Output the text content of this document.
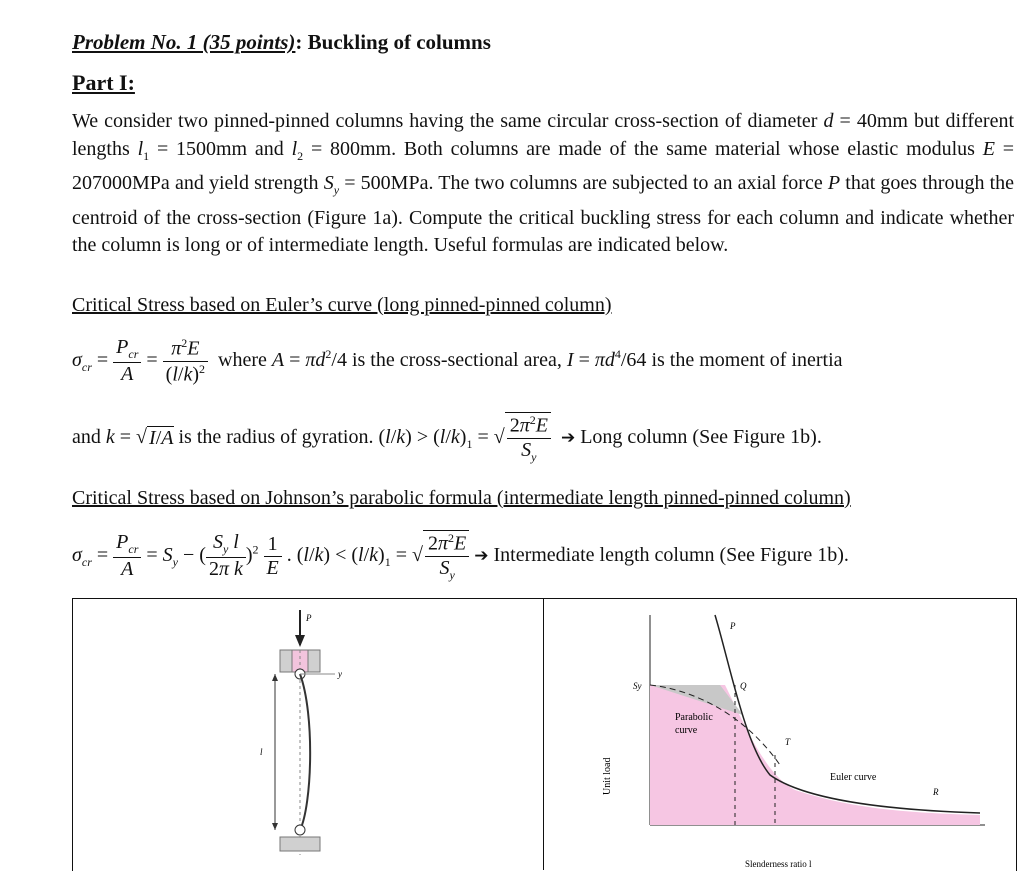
Problem No. 1 (35 points): Buckling of columns
Part I:
We consider two pinned-pinned columns having the same circular cross-section of diameter d = 40mm but different lengths $l_1 = 1500mm$ and $l_2 = 800mm$. Both columns are made of the same material whose elastic modulus E = 207000MPa and yield strength $S_y = 500MPa$. The two columns are subjected to an axial force P that goes through the centroid of the cross-section (Figure 1a). Compute the critical buckling stress for each column and indicate whether the column is long or of intermediate length. Useful formulas are indicated below.
Critical Stress based on Euler’s curve (long pinned-pinned column)
$\sigma_{cr} = \frac{P_{cr}}{A} = \frac{\pi^2E}{(l/k)^2}$ where $A = \pi d^2/4$ is the cross-sectional area, $I = \pi d^4/64$ is the moment of inertia
and k = √ I/A is the radius of gyration. $(l/k) > (l/k)_1$ = √ $\frac{2\pi^2E}{S_y}$ ➔ Long column (See Figure 1b).
Critical Stress based on Johnson’s parabolic formula (intermediate length pinned-pinned column)
$\sigma_{cr} = \frac{P_{cr}}{A} = S_y$ − ( $\frac{S_y l}{\text{2π k}} )^2 \frac{1}{E}$ . $(l/k) < (l/k)_1$ = √ $\frac{2\pi^2E}{S_y}$ ➔ Intermediate length column (See Figure 1b).
P
y
l
Unit load
P
Sy	Q
T
R
Parabolic
curve
Euler curve
Slenderness ratio l
